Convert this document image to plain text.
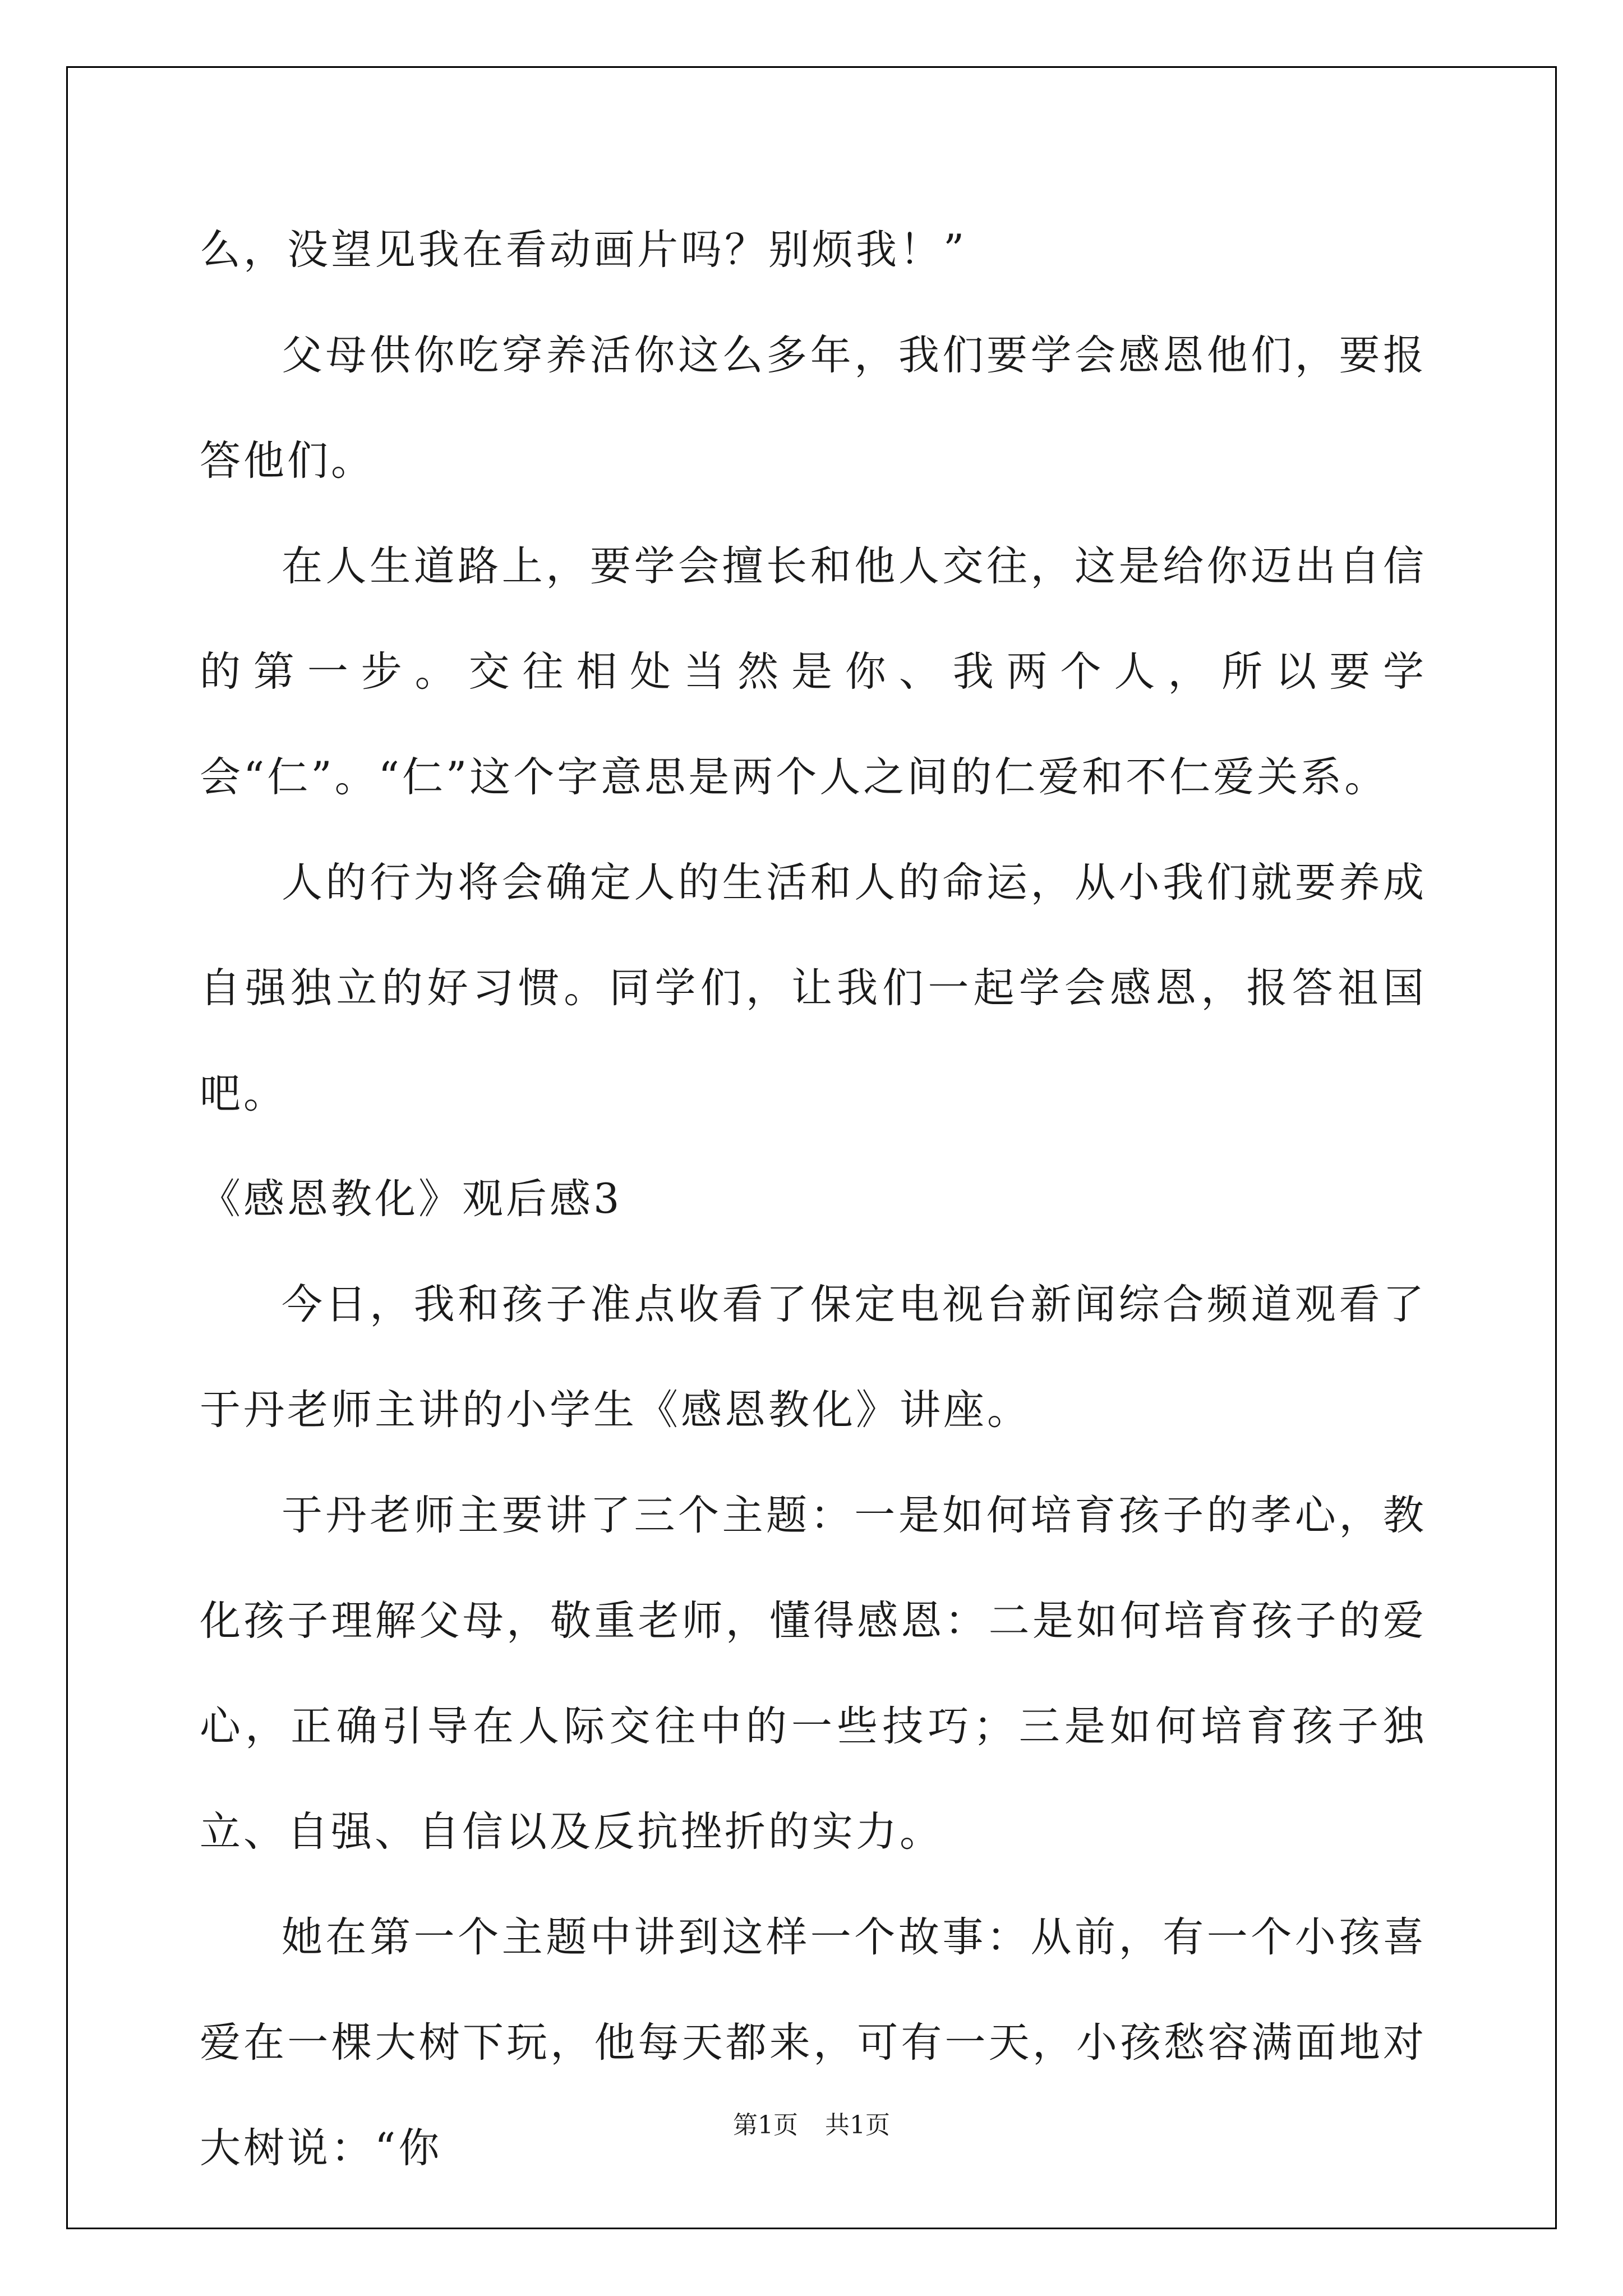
么，没望见我在看动画片吗？别烦我！”

父母供你吃穿养活你这么多年，我们要学会感恩他们，要报答他们。

在人生道路上，要学会擅长和他人交往，这是给你迈出自信的第一步。交往相处当然是你、我两个人，所以要学会“仁”。“仁”这个字意思是两个人之间的仁爱和不仁爱关系。

人的行为将会确定人的生活和人的命运，从小我们就要养成自强独立的好习惯。同学们，让我们一起学会感恩，报答祖国吧。

《感恩教化》观后感3

今日，我和孩子准点收看了保定电视台新闻综合频道观看了于丹老师主讲的小学生《感恩教化》讲座。

于丹老师主要讲了三个主题：一是如何培育孩子的孝心，教化孩子理解父母，敬重老师，懂得感恩：二是如何培育孩子的爱心，正确引导在人际交往中的一些技巧；三是如何培育孩子独立、自强、自信以及反抗挫折的实力。

她在第一个主题中讲到这样一个故事：从前，有一个小孩喜爱在一棵大树下玩，他每天都来，可有一天，小孩愁容满面地对大树说：“你	第1页 共1页
